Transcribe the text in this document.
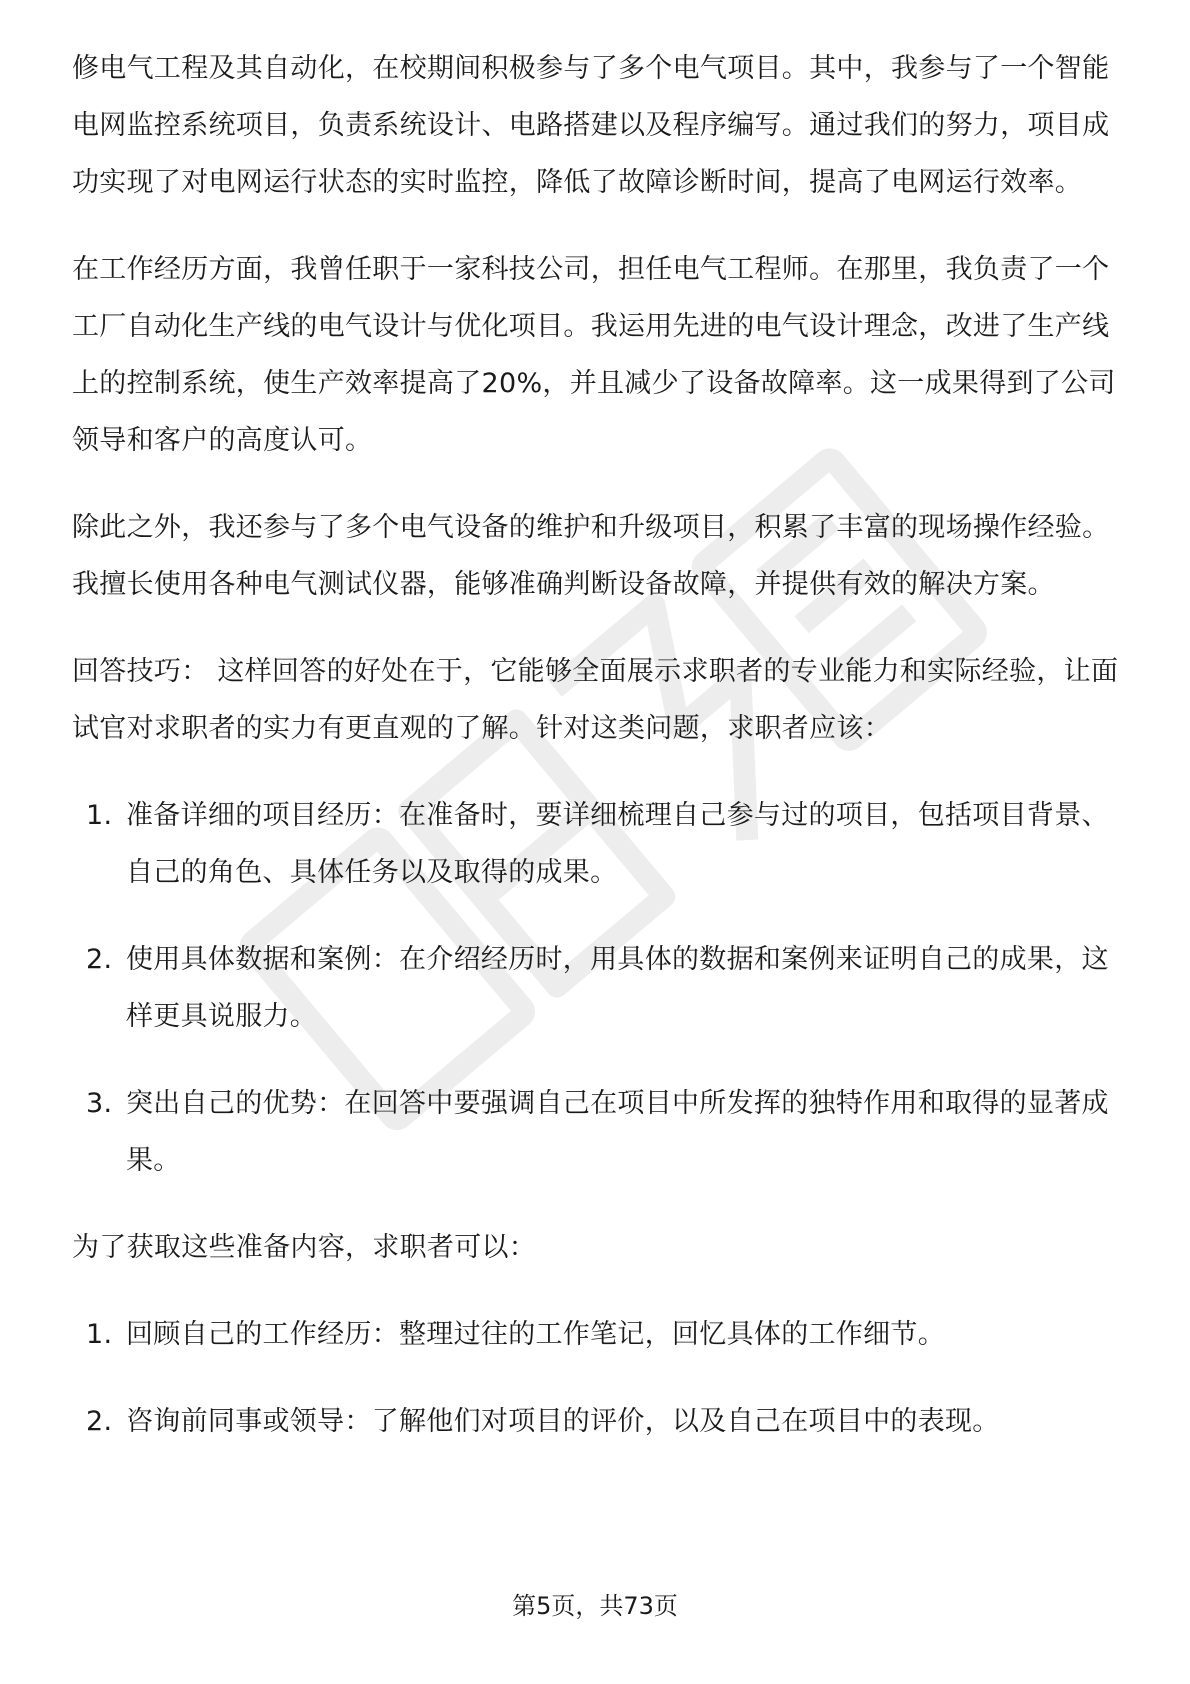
修电气工程及其自动化，在校期间积极参与了多个电气项目。其中，我参与了一个智能电网监控系统项目，负责系统设计、电路搭建以及程序编写。通过我们的努力，项目成功实现了对电网运行状态的实时监控，降低了故障诊断时间，提高了电网运行效率。

在工作经历方面，我曾任职于一家科技公司，担任电气工程师。在那里，我负责了一个工厂自动化生产线的电气设计与优化项目。我运用先进的电气设计理念，改进了生产线上的控制系统，使生产效率提高了20%，并且减少了设备故障率。这一成果得到了公司领导和客户的高度认可。

除此之外，我还参与了多个电气设备的维护和升级项目，积累了丰富的现场操作经验。我擅长使用各种电气测试仪器，能够准确判断设备故障，并提供有效的解决方案。

回答技巧： 这样回答的好处在于，它能够全面展示求职者的专业能力和实际经验，让面试官对求职者的实力有更直观的了解。针对这类问题，求职者应该：

1. 准备详细的项目经历：在准备时，要详细梳理自己参与过的项目，包括项目背景、自己的角色、具体任务以及取得的成果。
2. 使用具体数据和案例：在介绍经历时，用具体的数据和案例来证明自己的成果，这样更具说服力。
3. 突出自己的优势：在回答中要强调自己在项目中所发挥的独特作用和取得的显著成果。

为了获取这些准备内容，求职者可以：

1. 回顾自己的工作经历：整理过往的工作笔记，回忆具体的工作细节。
2. 咨询前同事或领导：了解他们对项目的评价，以及自己在项目中的表现。
第5页，共73页
